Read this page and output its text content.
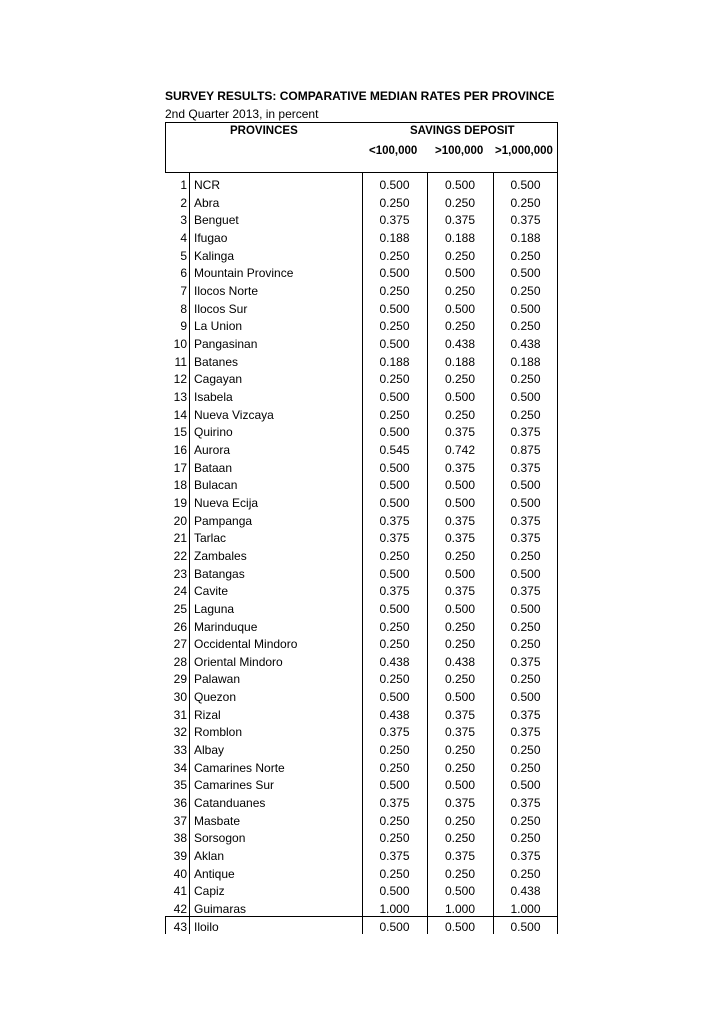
SURVEY RESULTS: COMPARATIVE MEDIAN RATES PER PROVINCE
2nd Quarter 2013, in percent
PROVINCES	SAVINGS DEPOSIT
<100,000 >100,000 >1,000,000
1 NCR	0.500	0.500	0.500
2 Abra	0.250	0.250	0.250
3 Benguet	0.375	0.375	0.375
4 Ifugao	0.188	0.188	0.188
5 Kalinga	0.250	0.250	0.250
6 Mountain Province	0.500	0.500	0.500
7 Ilocos Norte	0.250	0.250	0.250
8 Ilocos Sur	0.500	0.500	0.500
9 La Union	0.250	0.250	0.250
10 Pangasinan	0.500	0.438	0.438
11 Batanes	0.188	0.188	0.188
12 Cagayan	0.250	0.250	0.250
13 Isabela	0.500	0.500	0.500
14 Nueva Vizcaya	0.250	0.250	0.250
15 Quirino	0.500	0.375	0.375
16 Aurora	0.545	0.742	0.875
17 Bataan	0.500	0.375	0.375
18 Bulacan	0.500	0.500	0.500
19 Nueva Ecija	0.500	0.500	0.500
20 Pampanga	0.375	0.375	0.375
21 Tarlac	0.375	0.375	0.375
22 Zambales	0.250	0.250	0.250
23 Batangas	0.500	0.500	0.500
24 Cavite	0.375	0.375	0.375
25 Laguna	0.500	0.500	0.500
26 Marinduque	0.250	0.250	0.250
27 Occidental Mindoro	0.250	0.250	0.250
28 Oriental Mindoro	0.438	0.438	0.375
29 Palawan	0.250	0.250	0.250
30 Quezon	0.500	0.500	0.500
31 Rizal	0.438	0.375	0.375
32 Romblon	0.375	0.375	0.375
33 Albay	0.250	0.250	0.250
34 Camarines Norte	0.250	0.250	0.250
35 Camarines Sur	0.500	0.500	0.500
36 Catanduanes	0.375	0.375	0.375
37 Masbate	0.250	0.250	0.250
38 Sorsogon	0.250	0.250	0.250
39 Aklan	0.375	0.375	0.375
40 Antique	0.250	0.250	0.250
41 Capiz	0.500	0.500	0.438
42 Guimaras	1.000	1.000	1.000
43 Iloilo	0.500	0.500	0.500
